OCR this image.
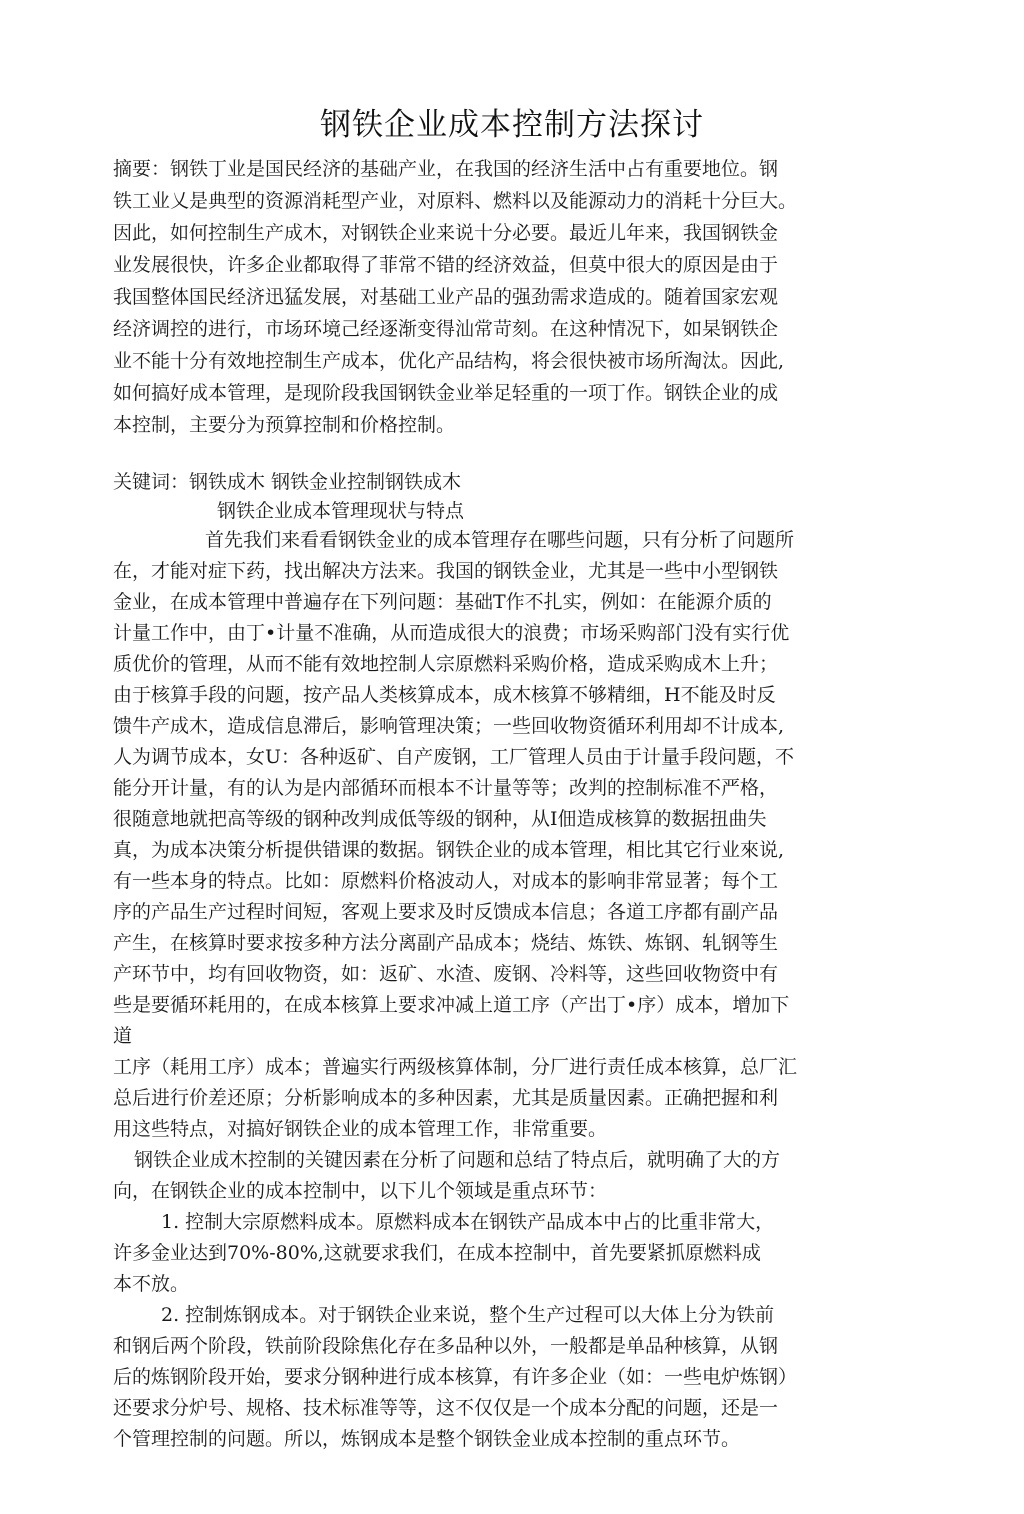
钢铁企业成本控制方法探讨
摘要：钢铁丁业是国民经济的基础产业，在我国的经济生活中占有重要地位。钢
铁工业乂是典型的资源消耗型产业，对原料、燃料以及能源动力的消耗十分巨大。
因此，如何控制生产成木，对钢铁企业来说十分必要。最近儿年来，我国钢铁金
业发展很快，许多企业都取得了菲常不错的经济效益，但莫中很大的原因是由于
我国整体国民经济迅猛发展，对基础工业产品的强劲需求造成的。随着国家宏观
经济调控的进行，市场环境己经逐渐变得汕常苛刻。在这种情况下，如杲钢铁企
业不能十分有效地控制生产成本，优化产品结构，将会很快被市场所淘汰。因此,
如何搞好成本管理，是现阶段我国钢铁金业举足轻重的一项丁作。钢铁企业的成
本控制，主要分为预算控制和价格控制。
关键词：钢铁成木 钢铁金业控制钢铁成木
钢铁企业成本管理现状与特点
首先我们来看看钢铁金业的成本管理存在哪些问题，只有分析了问题所
在，才能对症下药，找出解决方法来。我国的钢铁金业，尤其是一些中小型钢铁
金业，在成本管理中普遍存在下列问题：基础T作不扎实，例如：在能源介质的
计量工作中，由丁•计量不准确，从而造成很大的浪费；市场采购部门没有实行优
质优价的管理，从而不能有效地控制人宗原燃料采购价格，造成采购成木上升；
由于核算手段的问题，按产品人类核算成本，成木核算不够精细，H不能及时反
馈牛产成木，造成信息滞后，影响管理决策；一些回收物资循环利用却不计成本,
人为调节成本，女U：各种返矿、自产废钢，工厂管理人员由于计量手段问题，不
能分开计量，有的认为是内部循环而根本不计量等等；改判的控制标准不严格，
很随意地就把高等级的钢种改判成低等级的钢种，从I佃造成核算的数据扭曲失
真，为成本决策分析提供错课的数据。钢铁企业的成本管理，相比其它行业來说,
有一些本身的特点。比如：原燃料价格波动人，对成本的影响非常显著；每个工
序的产品生产过程时间短，客观上要求及时反馈成本信息；各道工序都有副产品
产生，在核算时要求按多种方法分离副产品成本；烧结、炼铁、炼钢、轧钢等生
产环节中，均有回收物资，如：返矿、水渣、废钢、冷料等，这些回收物资中有
些是要循环耗用的，在成本核算上要求冲减上道工序（产岀丁•序）成本，增加下
道
工序（耗用工序）成本；普遍实行两级核算体制，分厂进行责任成本核算，总厂汇
总后进行价差还原；分析影响成本的多种因素，尤其是质量因素。正确把握和利
用这些特点，对搞好钢铁企业的成本管理工作，非常重要。
钢铁企业成木控制的关键因素在分析了问题和总结了特点后，就明确了大的方
向，在钢铁企业的成本控制中，以下儿个领域是重点环节：
1. 控制大宗原燃料成本。原燃料成本在钢铁产品成本中占的比重非常大，
许多金业达到70%-80%,这就要求我们，在成本控制中，首先要紧抓原燃料成
本不放。
2. 控制炼钢成本。对于钢铁企业来说，整个生产过程可以大体上分为铁前
和钢后两个阶段，铁前阶段除焦化存在多品种以外，一般都是单品种核算，从钢
后的炼钢阶段开始，要求分钢种进行成本核算，有许多企业（如：一些电炉炼钢）
还要求分炉号、规格、技术标准等等，这不仅仅是一个成本分配的问题，还是一
个管理控制的问题。所以，炼钢成本是整个钢铁金业成本控制的重点环节。
